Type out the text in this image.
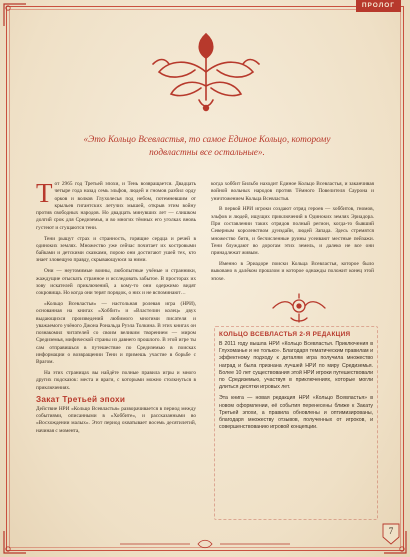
ПРОЛОГ

«Это Кольцо Всевластья, то самое Единое Кольцо, которому подвластны все остальные».

Тот 2965 год Третьей эпохи, и Тень возвращается. Двадцать четыре года назад семь эльфов, людей и гномов разбил орду орков и волков Глухолесья под небом, потемневшим от крыльев гигантских летучих мышей, открыв этим войну против свободных народов. Но двадцать минувших лет — слишком долгий срок для Средиземья, и во многих тёмных его уголках вновь густеют и сгущаются тени.

Тени рыщут страх и странность, горящие сердца и речей в одиноких землях. Множество уже сейчас почитает их костровыми байками и детскими сказками, порою они достигают ушей тех, кто знает зловещую правду, скрывающуюся за ними.

Они — неутомимые воины, любопытные учёные и странники, жаждущие отыскать странное и исследовать забытое. В просторах их зову искателей приключений, а кому-то они одержимо видят сокровища. Но когда они терят порядок, о них и не вспоминают…

«Кольцо Всевластья» — настольная ролевая игра (НРИ), основанная на книгах «Хоббит» и «Властелин колец» двух выдающихся произведений любимого многими писателя и уважаемого учёного Джона Рональда Руэла Толкина. В этих книгах он познакомил читателей со своим великим творением — миром Средиземья, мифической страны из давнего прошлого. В этой игре ты сам отправишься в путешествие по Средиземью в поисках информации о возвращении Тени и примешь участие в борьбе с Врагом.

На этих страницах вы найдёте полные правила игры и много других подсказок: места и враги, с которыми можно столкнуться в приключениях.

Закат Третьей эпохи

Действие НРИ «Кольцо Всевластья» разворачивается в период между событиями, описанными в «Хоббите», и рассказанными во «Восхождении малых». Этот период охватывает восемь десятилетий, начиная с момента,

когда хоббит Бильбо находит Единое Кольцо Всевластья, и заканчивая войной вольных народов против Тёмного Повелителя Саурона и уничтожением Кольца Всевластья.

В первой НРИ игроки создают отряд героев — хоббитов, гномов, эльфов и людей, ищущих приключений в Одиноких землях Эриадора. При составлении таких отрядов полный регион, когда-то бывший Северным королевством дунэдайн, людей Запада. Здесь стремятся множество битв, и бесчисленные руины усеивают местные пейзажи. Тени блуждают во дорогам этих земель, и далеко не все они принадлежат живым.

Именно в Эриадоре поиски Кольца Всевластья, которое было выковано в далёком прошлом и которое однажды положит конец этой эпохе.

КОЛЬЦО ВСЕВЛАСТЬЯ 2-Я РЕДАКЦИЯ

В 2011 году вышла НРИ «Кольцо Всевластья. Приключения в Глухоманье и не только». Благодаря тематическим правилам и эффектному подходу к деталям игра получила множество наград и была признана лучшей НРИ по миру Средиземья. Более 10 лет существования этой НРИ игроки путешествовали по Средиземью, участвуя в приключениях, которые могли длиться десятки игровых лет.

Эта книга — новая редакция НРИ «Кольцо Всевластья» в новом оформлении, её события перенесены ближе к Закату Третьей эпохи, а правила обновлены и оптимизированы, благодаря множеству отзывов, полученных от игроков, и совершенствованию игровой концепции.

7
